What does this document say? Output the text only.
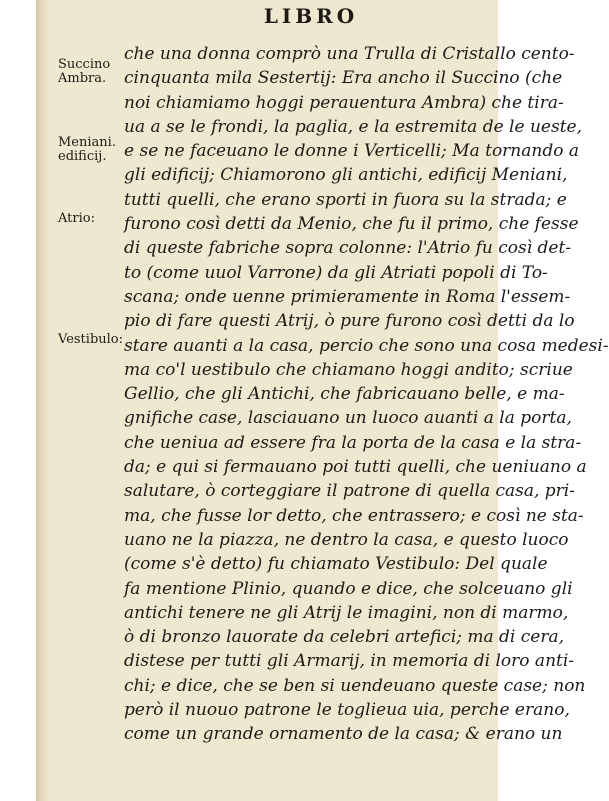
LIBRO
Succino
Ambra.
Meniani.
edificij.
Atrio:
Vestibulo:
che una donna comprò una Trulla di Cristallo cento-
cinquanta mila Sestertij: Era ancho il Succino (che
noi chiamiamo hoggi perauentura Ambra) che tira-
ua a se le frondi, la paglia, e la estremita de le ueste,
e se ne faceuano le donne i Verticelli; Ma tornando a
gli edificij; Chiamorono gli antichi, edificij Meniani,
tutti quelli, che erano sporti in fuora su la strada; e
furono così detti da Menio, che fu il primo, che fesse
di queste fabriche sopra colonne: l'Atrio fu così det-
to (come uuol Varrone) da gli Atriati popoli di To-
scana; onde uenne primieramente in Roma l'essem-
pio di fare questi Atrij, ò pure furono così detti da lo
stare auanti a la casa, percio che sono una cosa medesi-
ma co'l uestibulo che chiamano hoggi andito; scriue
Gellio, che gli Antichi, che fabricauano belle, e ma-
gnifiche case, lasciauano un luoco auanti a la porta,
che ueniua ad essere fra la porta de la casa e la stra-
da; e qui si fermauano poi tutti quelli, che ueniuano a
salutare, ò corteggiare il patrone di quella casa, pri-
ma, che fusse lor detto, che entrassero; e così ne sta-
uano ne la piazza, ne dentro la casa, e questo luoco
(come s'è detto) fu chiamato Vestibulo: Del quale
fa mentione Plinio, quando e dice, che solceuano gli
antichi tenere ne gli Atrij le imagini, non di marmo,
ò di bronzo lauorate da celebri artefici; ma di cera,
distese per tutti gli Armarij, in memoria di loro anti-
chi; e dice, che se ben si uendeuano queste case; non
però il nuouo patrone le toglieua uia, perche erano,
come un grande ornamento de la casa; & erano un
